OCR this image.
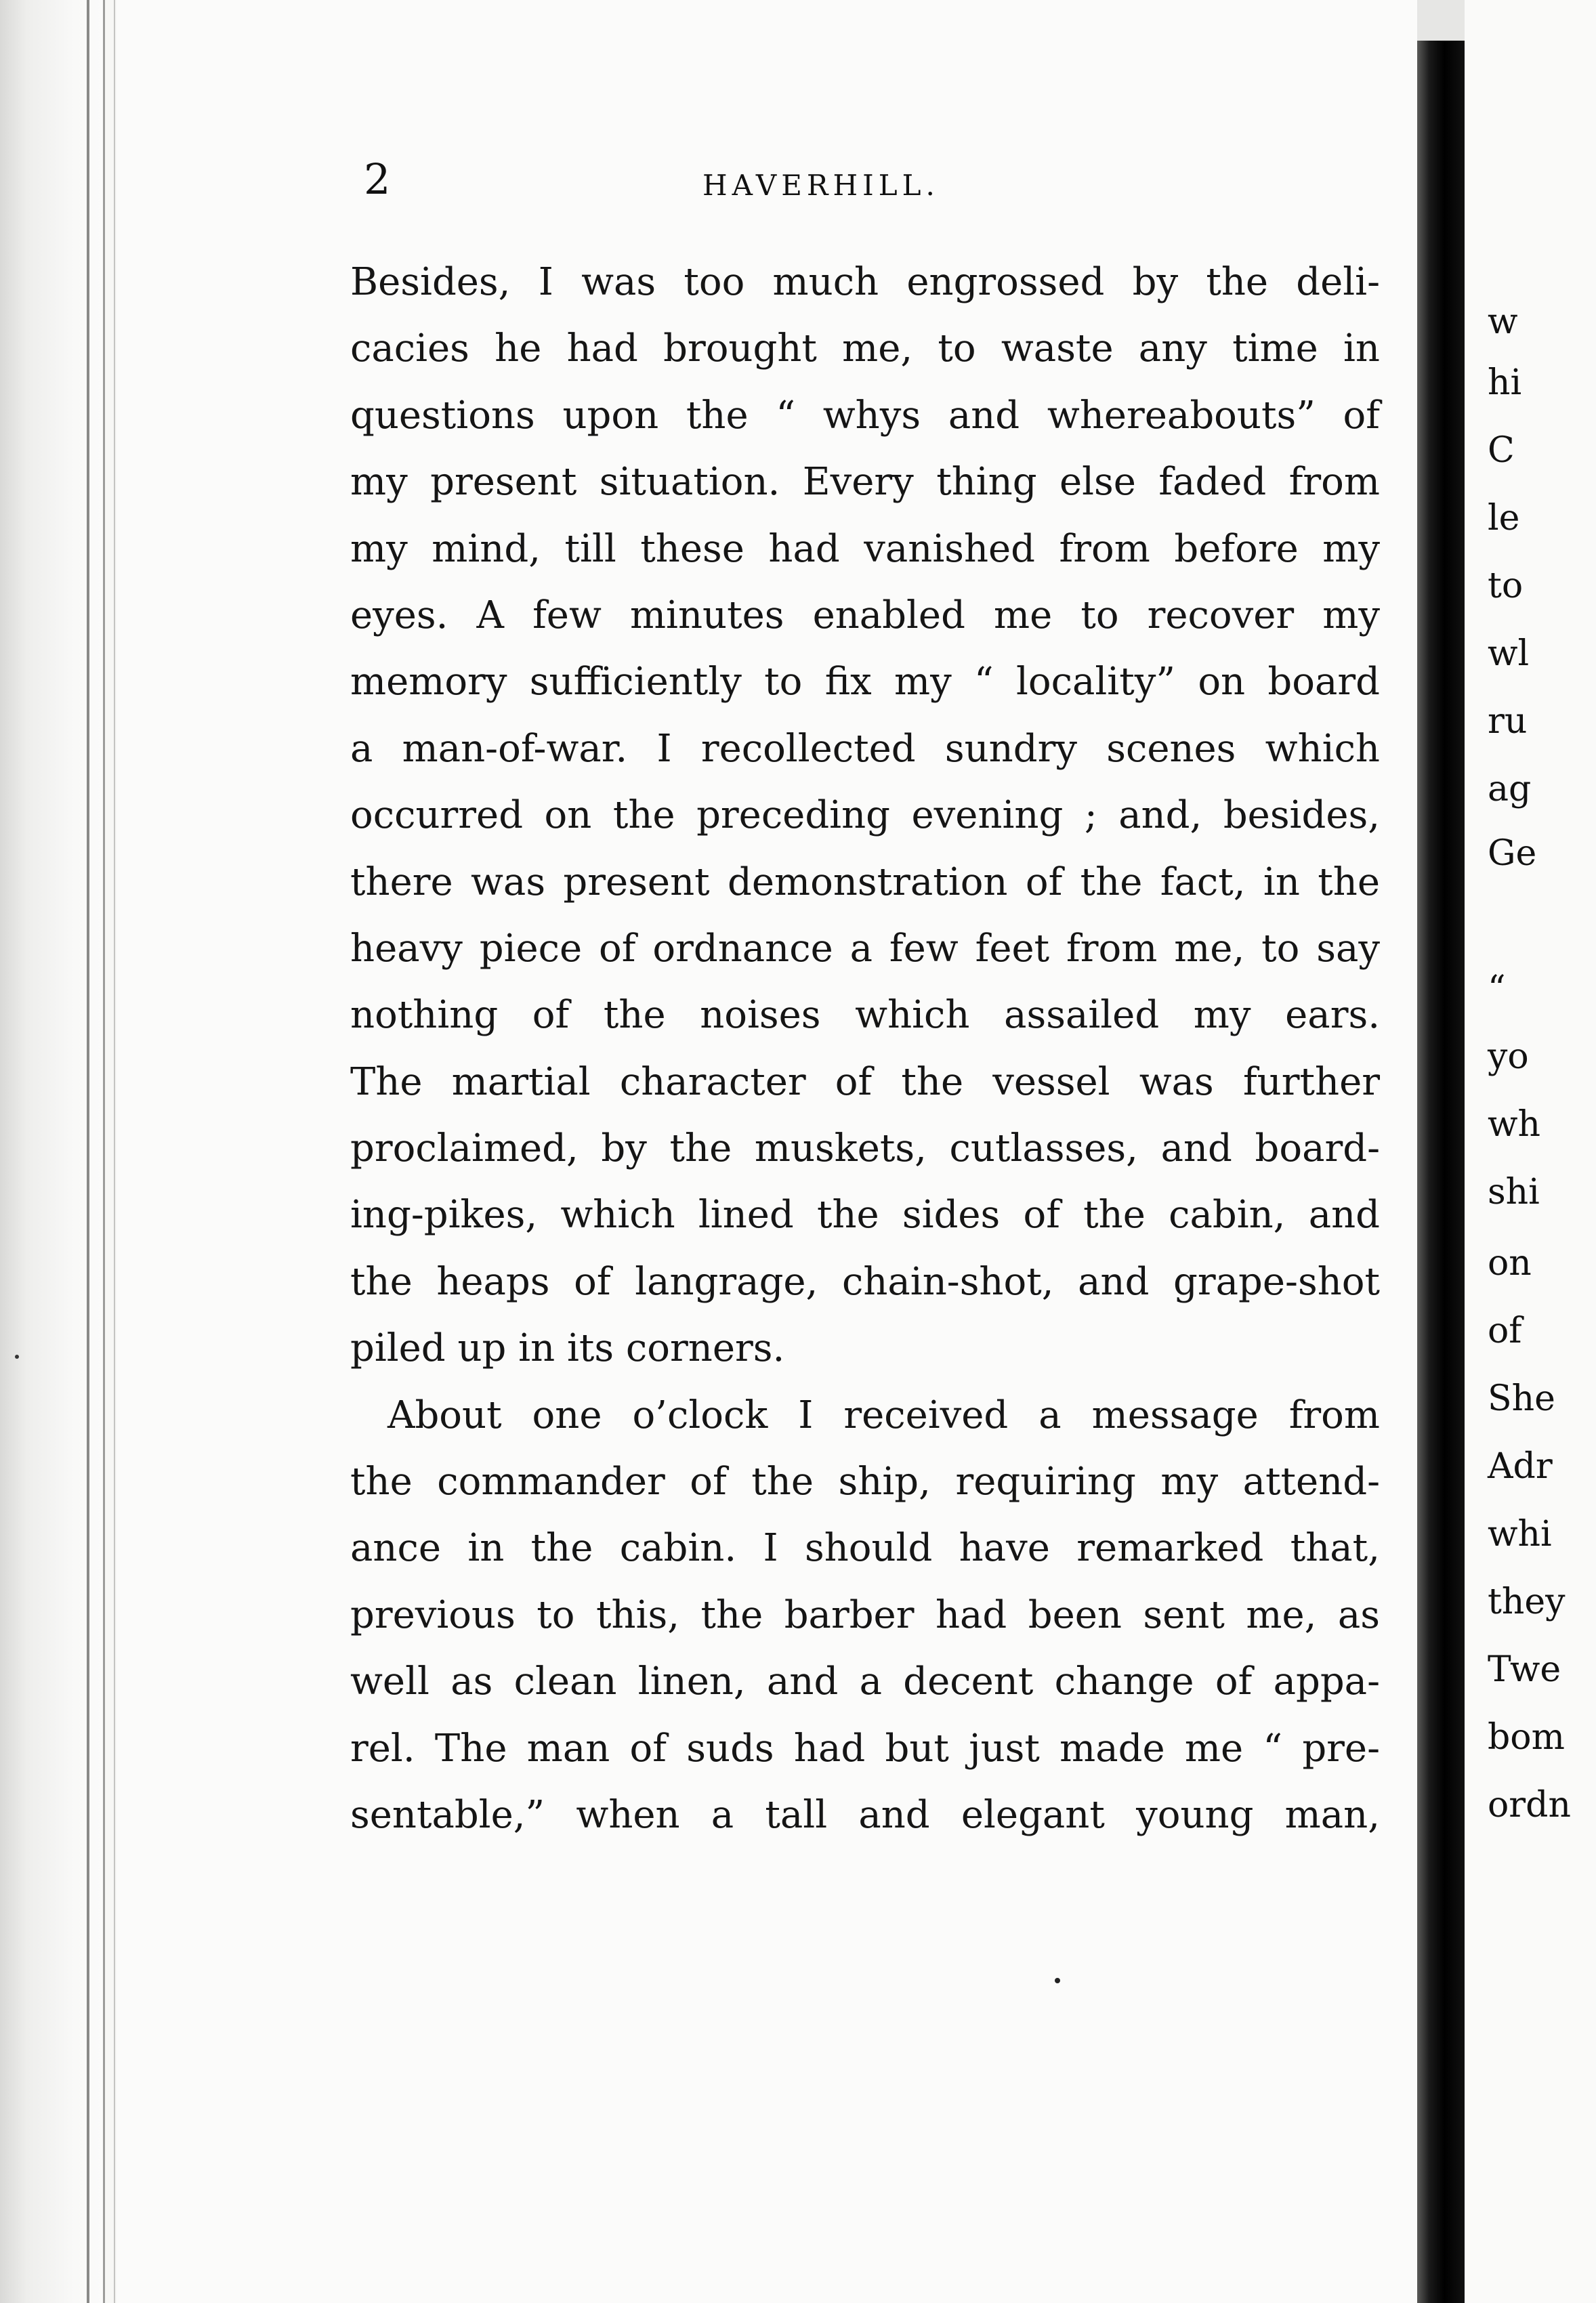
2	HAVERHILL.
Besides, I was too much engrossed by the deli-
cacies he had brought me, to waste any time in
questions upon the “ whys and whereabouts” of
my present situation. Every thing else faded from
my mind, till these had vanished from before my
eyes. A few minutes enabled me to recover my
memory sufficiently to fix my “ locality” on board
a man-of-war. I recollected sundry scenes which
occurred on the preceding evening ; and, besides,
there was present demonstration of the fact, in the
heavy piece of ordnance a few feet from me, to say
nothing of the noises which assailed my ears.
The martial character of the vessel was further
proclaimed, by the muskets, cutlasses, and board-
ing-pikes, which lined the sides of the cabin, and
the heaps of langrage, chain-shot, and grape-shot
piled up in its corners.
About one o’clock I received a message from
the commander of the ship, requiring my attend-
ance in the cabin. I should have remarked that,
previous to this, the barber had been sent me, as
well as clean linen, and a decent change of appa-
rel. The man of suds had but just made me “ pre-
sentable,” when a tall and elegant young man,
w
hi
C
le
to
wl
ru
ag
Ge
“
yo
wh
shi
on
of
She
Adr
whi
they
Twe
bom
ordn
